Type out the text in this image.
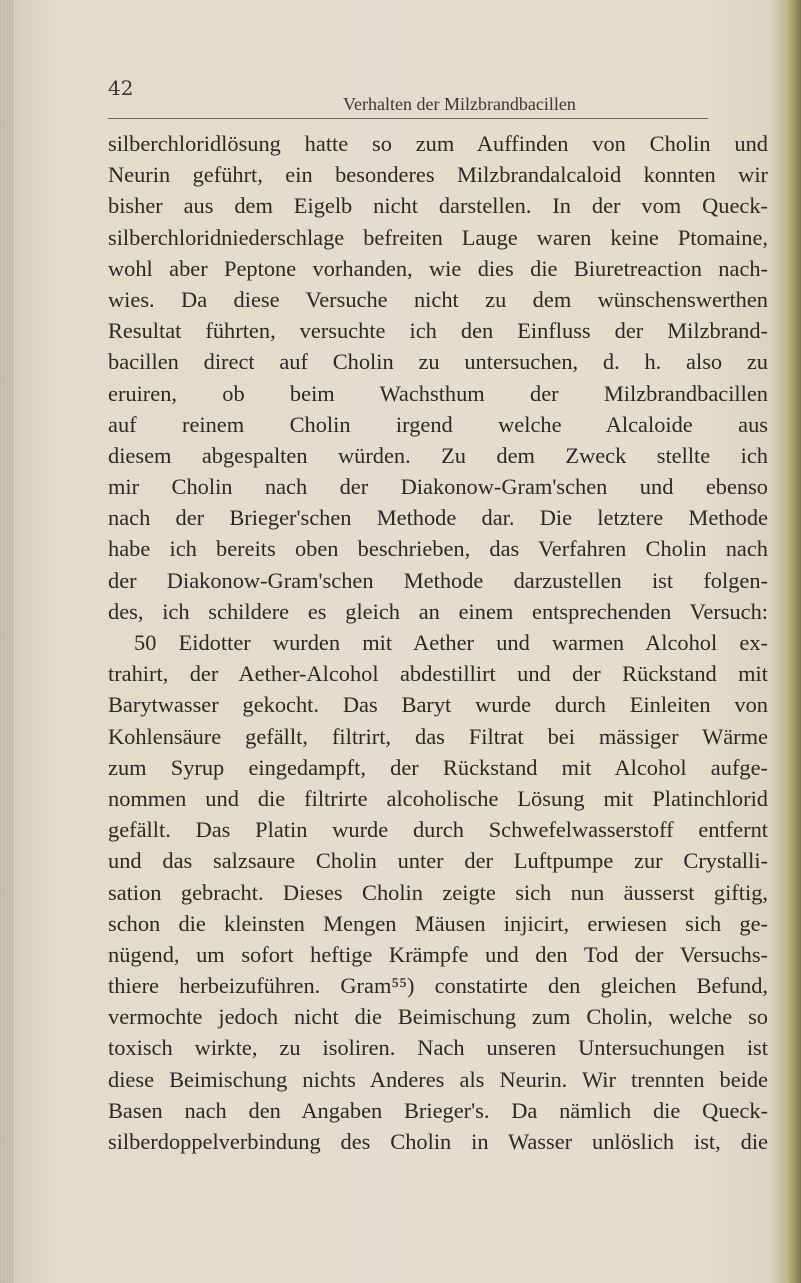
42
Verhalten der Milzbrandbacillen
silberchloridlösung hatte so zum Auffinden von Cholin und
Neurin geführt, ein besonderes Milzbrandalcaloid konnten wir
bisher aus dem Eigelb nicht darstellen. In der vom Queck-
silberchloridniederschlage befreiten Lauge waren keine Ptomaine,
wohl aber Peptone vorhanden, wie dies die Biuretreaction nach-
wies. Da diese Versuche nicht zu dem wünschenswerthen
Resultat führten, versuchte ich den Einfluss der Milzbrand-
bacillen direct auf Cholin zu untersuchen, d. h. also zu
eruiren, ob beim Wachsthum der Milzbrandbacillen
auf reinem Cholin irgend welche Alcaloide aus
diesem abgespalten würden. Zu dem Zweck stellte ich
mir Cholin nach der Diakonow-Gram'schen und ebenso
nach der Brieger'schen Methode dar. Die letztere Methode
habe ich bereits oben beschrieben, das Verfahren Cholin nach
der Diakonow-Gram'schen Methode darzustellen ist folgen-
des, ich schildere es gleich an einem entsprechenden Versuch:
50 Eidotter wurden mit Aether und warmen Alcohol ex-
trahirt, der Aether-Alcohol abdestillirt und der Rückstand mit
Barytwasser gekocht. Das Baryt wurde durch Einleiten von
Kohlensäure gefällt, filtrirt, das Filtrat bei mässiger Wärme
zum Syrup eingedampft, der Rückstand mit Alcohol aufge-
nommen und die filtrirte alcoholische Lösung mit Platinchlorid
gefällt. Das Platin wurde durch Schwefelwasserstoff entfernt
und das salzsaure Cholin unter der Luftpumpe zur Crystalli-
sation gebracht. Dieses Cholin zeigte sich nun äusserst giftig,
schon die kleinsten Mengen Mäusen injicirt, erwiesen sich ge-
nügend, um sofort heftige Krämpfe und den Tod der Versuchs-
thiere herbeizuführen. Gram⁵⁵) constatirte den gleichen Befund,
vermochte jedoch nicht die Beimischung zum Cholin, welche so
toxisch wirkte, zu isoliren. Nach unseren Untersuchungen ist
diese Beimischung nichts Anderes als Neurin. Wir trennten beide
Basen nach den Angaben Brieger's. Da nämlich die Queck-
silberdoppelverbindung des Cholin in Wasser unlöslich ist, die
